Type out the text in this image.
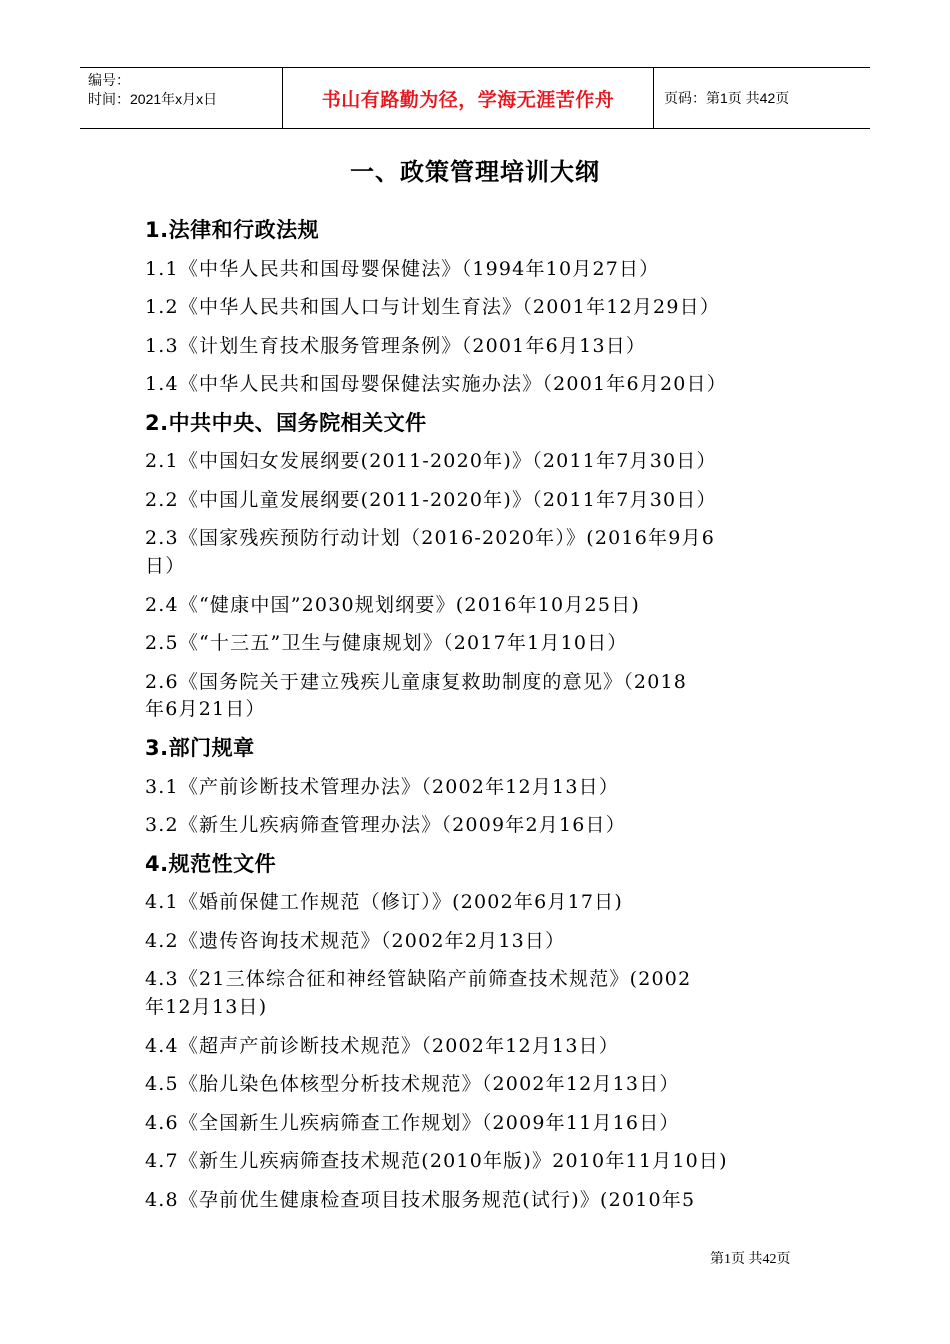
编号：
时间：2021年x月x日	书山有路勤为径，学海无涯苦作舟	页码：第1页 共42页
一、政策管理培训大纲
1.法律和行政法规
1.1《中华人民共和国母婴保健法》（1994年10月27日）
1.2《中华人民共和国人口与计划生育法》（2001年12月29日）
1.3《计划生育技术服务管理条例》（2001年6月13日）
1.4《中华人民共和国母婴保健法实施办法》（2001年6月20日）
2.中共中央、国务院相关文件
2.1《中国妇女发展纲要(2011-2020年)》（2011年7月30日）
2.2《中国儿童发展纲要(2011-2020年)》（2011年7月30日）
2.3《国家残疾预防行动计划（2016-2020年）》(2016年9月6
日）
2.4《“健康中国”2030规划纲要》(2016年10月25日)
2.5《“十三五”卫生与健康规划》（2017年1月10日）
2.6《国务院关于建立残疾儿童康复救助制度的意见》（2018
年6月21日）
3.部门规章
3.1《产前诊断技术管理办法》（2002年12月13日）
3.2《新生儿疾病筛查管理办法》（2009年2月16日）
4.规范性文件
4.1《婚前保健工作规范（修订）》(2002年6月17日)
4.2《遗传咨询技术规范》（2002年2月13日）
4.3《21三体综合征和神经管缺陷产前筛查技术规范》(2002
年12月13日)
4.4《超声产前诊断技术规范》（2002年12月13日）
4.5《胎儿染色体核型分析技术规范》（2002年12月13日）
4.6《全国新生儿疾病筛查工作规划》（2009年11月16日）
4.7《新生儿疾病筛查技术规范(2010年版)》2010年11月10日)
4.8《孕前优生健康检查项目技术服务规范(试行)》(2010年5
第1页 共42页
